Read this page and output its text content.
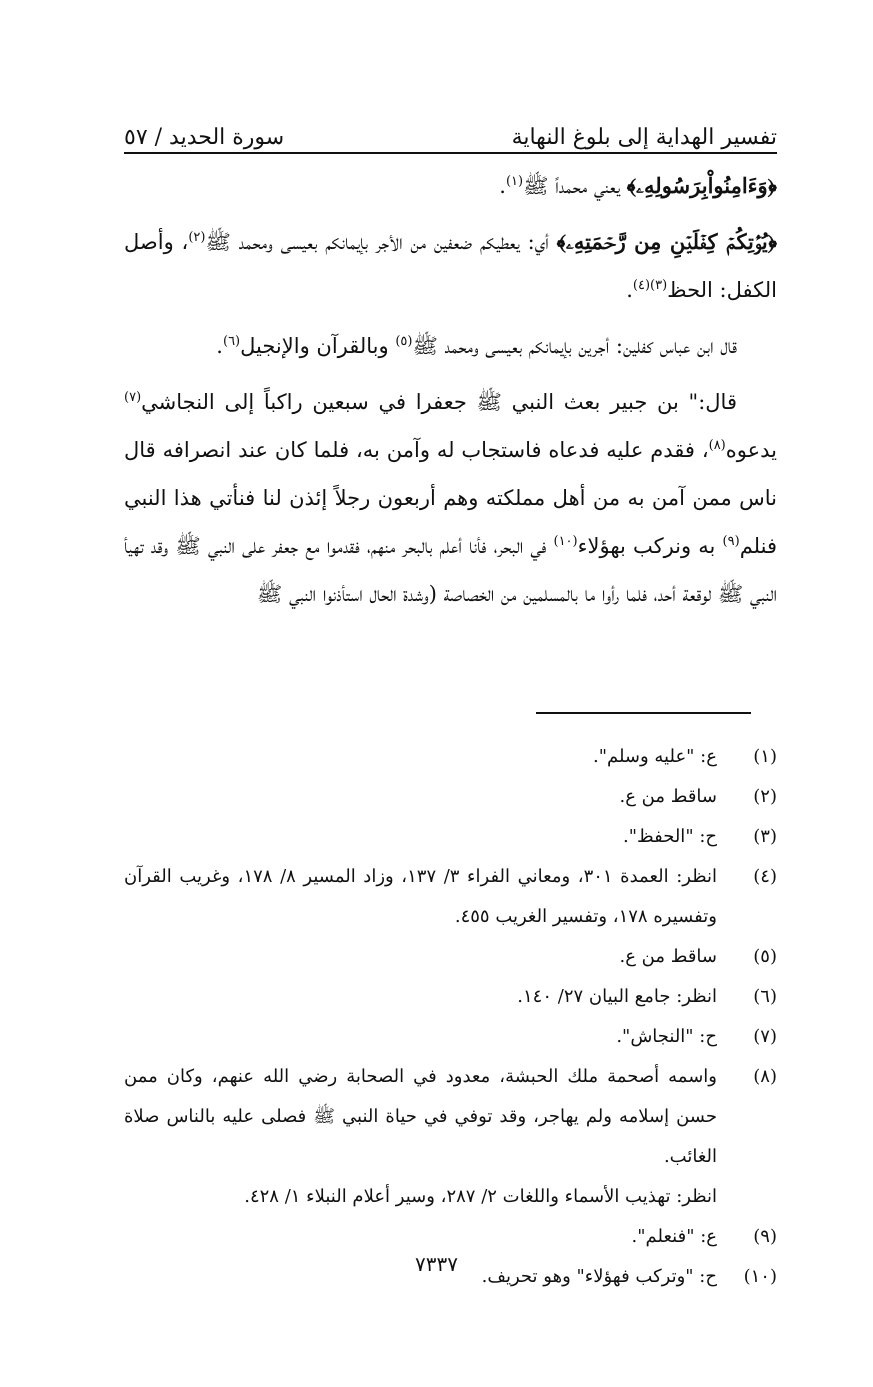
تفسير الهداية إلى بلوغ النهاية
سورة الحديد / ٥٧

﴿وَءَامِنُواْبِرَسُولِهِۦ﴾ يعني محمداً ﷺ$^{(١)}$.

﴿يُؤۡتِكُمۡ كِفۡلَيۡنِ مِن رَّحۡمَتِهِۦ﴾ أي: يعطيكم ضعفين من الأجر بإيمانكم بعيسى ومحمد ﷺ$^{(٢)}$، وأصل الكفل: الحظ$^{(٣)(٤)}$.

قال ابن عباس كفلين: أجرين بإيمانكم بعيسى ومحمد ﷺ$^{(٥)}$ وبالقرآن والإنجيل$^{(٦)}$.

قال:" بن جبير بعث النبي ﷺ جعفرا في سبعين راكباً إلى النجاشي$^{(٧)}$ يدعوه$^{(٨)}$، فقدم عليه فدعاه فاستجاب له وآمن به، فلما كان عند انصرافه قال ناس ممن آمن به من أهل مملكته وهم أربعون رجلاً إئذن لنا فنأتي هذا النبي فنلم$^{(٩)}$ به ونركب بهؤلاء$^{(١٠)}$ في البحر، فأنا أعلم بالبحر منهم، فقدموا مع جعفر على النبي ﷺ وقد تهيأ النبي ﷺ لوقعة أحد، فلما رأوا ما بالمسلمين من الخصاصة (وشدة الحال استأذنوا النبي ﷺ

(١)
ع: "عليه وسلم".
(٢)
ساقط من ع.
(٣)
ح: "الحفظ".
(٤)
انظر: العمدة ٣٠١، ومعاني الفراء ٣/ ١٣٧، وزاد المسير ٨/ ١٧٨، وغريب القرآن وتفسيره ١٧٨، وتفسير الغريب ٤٥٥.
(٥)
ساقط من ع.
(٦)
انظر: جامع البيان ٢٧/ ١٤٠.
(٧)
ح: "النجاش".
(٨)
واسمه أصحمة ملك الحبشة، معدود في الصحابة رضي الله عنهم، وكان ممن حسن إسلامه ولم يهاجر، وقد توفي في حياة النبي ﷺ فصلى عليه بالناس صلاة الغائب.
انظر: تهذيب الأسماء واللغات ٢/ ٢٨٧، وسير أعلام النبلاء ١/ ٤٢٨.
(٩)
ع: "فنعلم".
(١٠)
ح: "وتركب فهؤلاء" وهو تحريف.
٧٣٣٧
